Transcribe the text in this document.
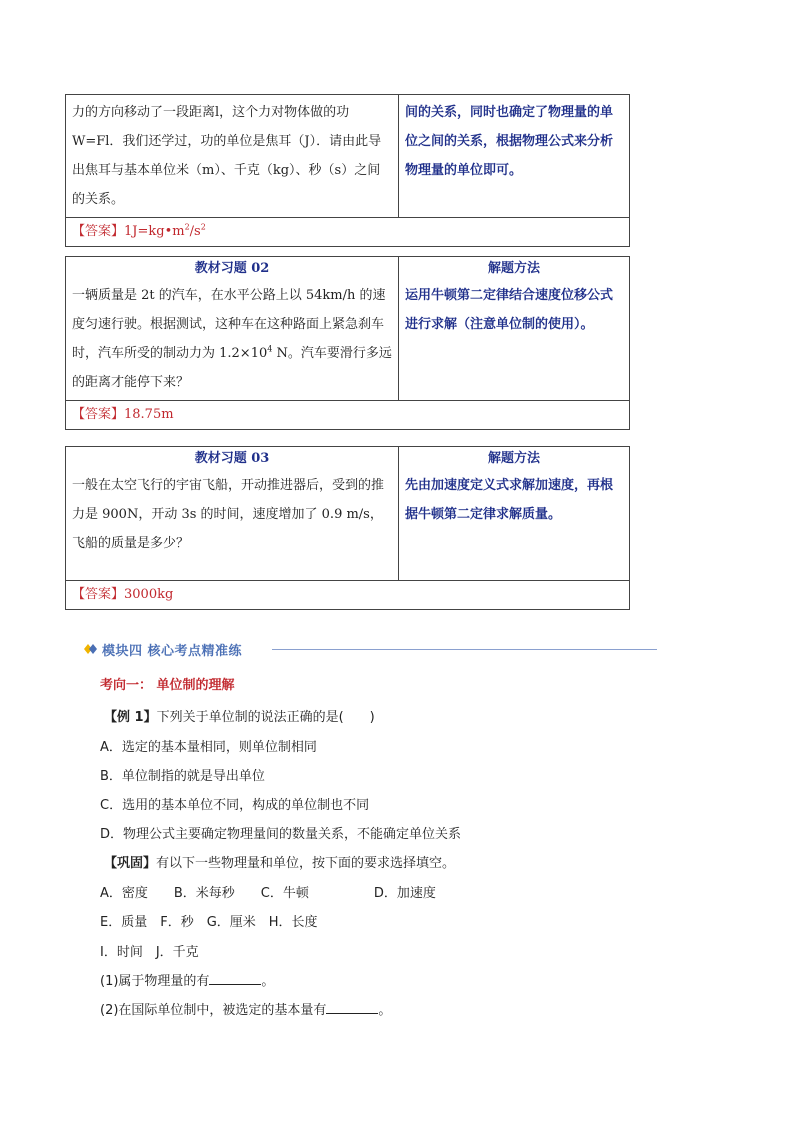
力的方向移动了一段距离l，这个力对物体做的功W=Fl．我们还学过，功的单位是焦耳（J）．请由此导出焦耳与基本单位米（m）、千克（kg）、秒（s）之间的关系。	间的关系，同时也确定了物理量的单位之间的关系，根据物理公式来分析物理量的单位即可。
【答案】$1J=kg•m^2/s^2$
教材习题 02	解题方法
一辆质量是 2t 的汽车，在水平公路上以 54km/h 的速度匀速行驶。根据测试，这种车在这种路面上紧急刹车时，汽车所受的制动力为 $1.2\times 10^4$ N。汽车要滑行多远的距离才能停下来？	运用牛顿第二定律结合速度位移公式进行求解（注意单位制的使用）。
【答案】18.75m	
教材习题 03	解题方法
一般在太空飞行的宇宙飞船，开动推进器后，受到的推力是 900N，开动 3s 的时间，速度增加了 0.9 m/s，飞船的质量是多少？	先由加速度定义式求解加速度，再根据牛顿第二定律求解质量。
【答案】3000kg	
模块四 核心考点精准练
考向一： 单位制的理解
【例 1】下列关于单位制的说法正确的是(　　)
A．选定的基本量相同，则单位制相同
B．单位制指的就是导出单位
C．选用的基本单位不同，构成的单位制也不同
D．物理公式主要确定物理量间的数量关系，不能确定单位关系
【巩固】有以下一些物理量和单位，按下面的要求选择填空。
A．密度　　B．米每秒　　C．牛顿　　　　　D．加速度
E．质量　F．秒　G．厘米　H．长度
I．时间　J．千克
(1)属于物理量的有	。
(2)在国际单位制中，被选定的基本量有	。
